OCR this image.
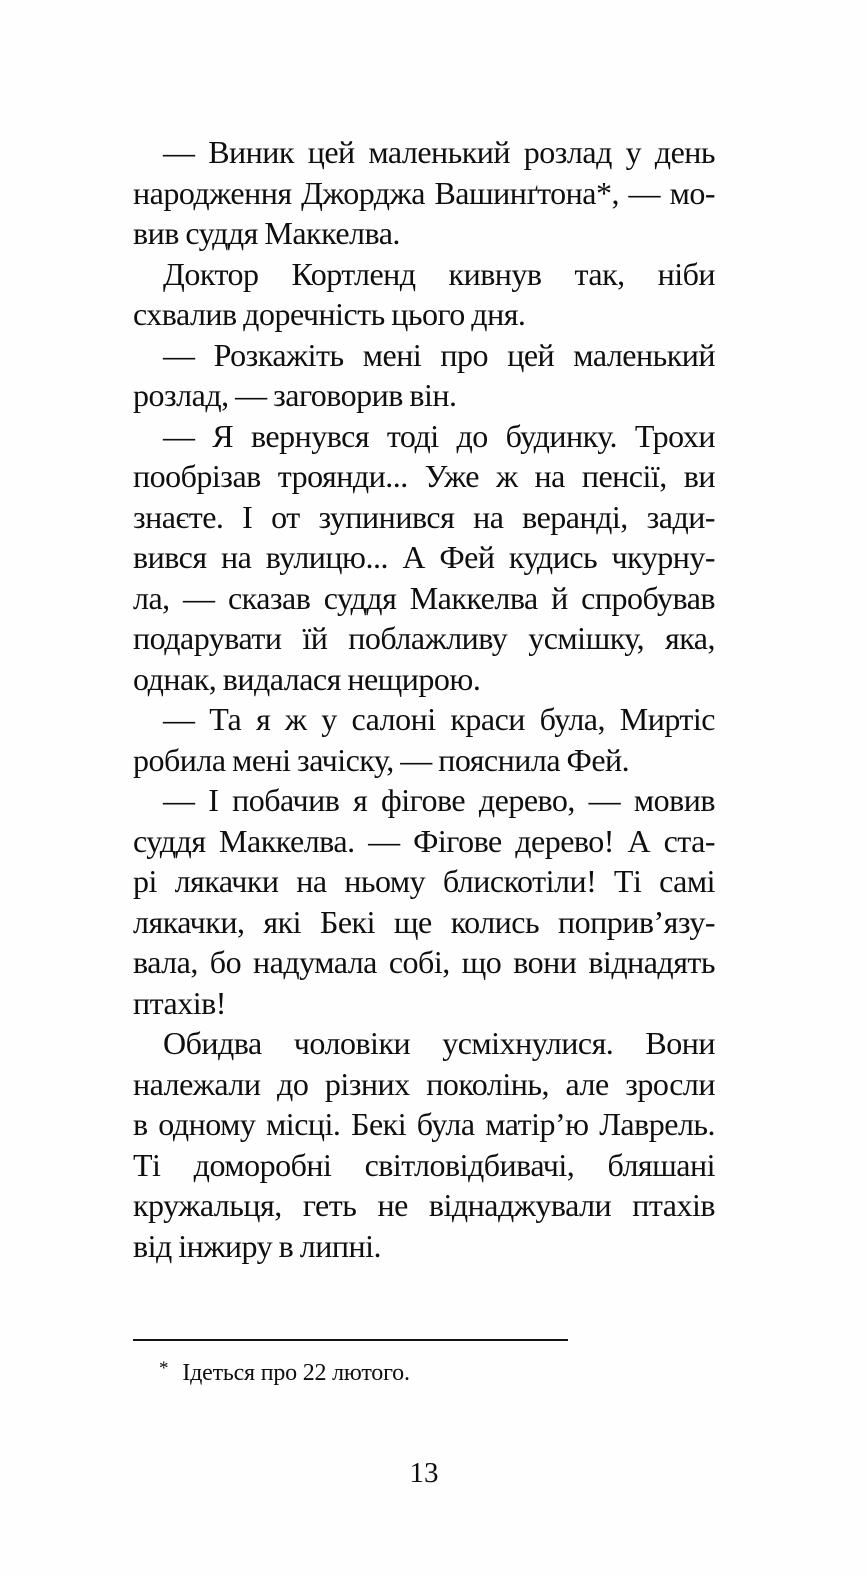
— Виник цей маленький розлад у день
народження Джорджа Вашинґтона*, — мо-
вив суддя Маккелва.
Доктор Кортленд кивнув так, ніби
схвалив доречність цього дня.
— Розкажіть мені про цей маленький
розлад, — заговорив він.
— Я вернувся тоді до будинку. Трохи
пообрізав троянди... Уже ж на пенсії, ви
знаєте. І от зупинився на веранді, зади-
вився на вулицю... А Фей кудись чкурну-
ла, — сказав суддя Маккелва й спробував
подарувати їй поблажливу усмішку, яка,
однак, видалася нещирою.
— Та я ж у салоні краси була, Миртіс
робила мені зачіску, — пояснила Фей.
— І побачив я фігове дерево, — мовив
суддя Маккелва. — Фігове дерево! А ста-
рі лякачки на ньому блискотіли! Ті самі
лякачки, які Бекі ще колись поприв’язу-
вала, бо надумала собі, що вони віднадять
птахів!
Обидва чоловіки усміхнулися. Вони
належали до різних поколінь, але зросли
в одному місці. Бекі була матір’ю Лаврель.
Ті доморобні світловідбивачі, бляшані
кружальця, геть не віднаджували птахів
від інжиру в липні.
* Ідеться про 22 лютого.
13
